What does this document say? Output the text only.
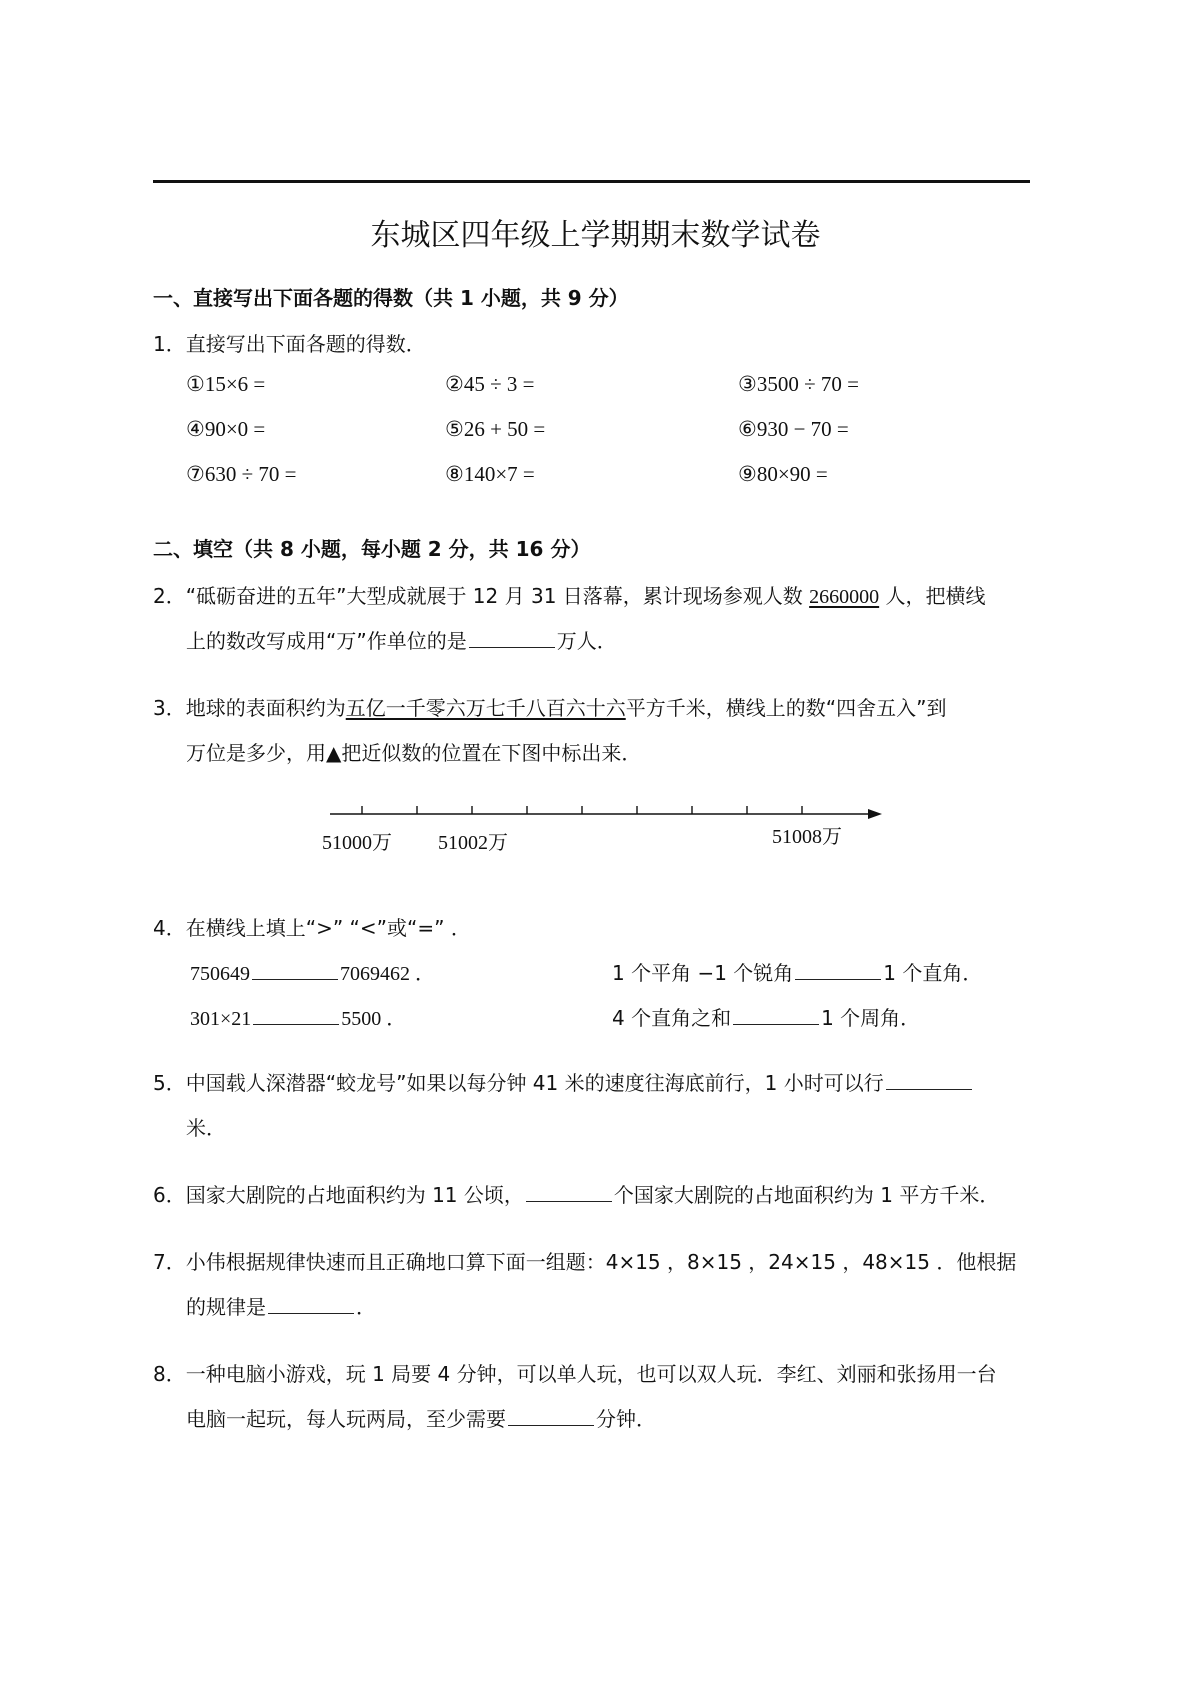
东城区四年级上学期期末数学试卷
一、直接写出下面各题的得数（共 1 小题，共 9 分）
1．直接写出下面各题的得数．
①15×6 =	②45 ÷ 3 =	③3500 ÷ 70 =
④90×0 =	⑤26 + 50 =	⑥930 − 70 =
⑦630 ÷ 70 =	⑧140×7 =	⑨80×90 =
二、填空（共 8 小题，每小题 2 分，共 16 分）
2．“砥砺奋进的五年”大型成就展于 12 月 31 日落幕，累计现场参观人数 2660000 人，把横线
上的数改写成用“万”作单位的是	万人．
3．地球的表面积约为五亿一千零六万七千八百六十六平方千米，横线上的数“四舍五入”到
万位是多少，用▲把近似数的位置在下图中标出来．
51000万 51002万	51008万
4．在横线上填上“>” “<”或“=” ．
750649	7069462 ．	1 个平角 −1 个锐角	1 个直角．
301×21	5500 ．	4 个直角之和	1 个周角．
5．中国载人深潜器“蛟龙号”如果以每分钟 41 米的速度往海底前行，1 小时可以行
米．
6．国家大剧院的占地面积约为 11 公顷，	个国家大剧院的占地面积约为 1 平方千米．
7．小伟根据规律快速而且正确地口算下面一组题：4×15 ，8×15 ，24×15 ，48×15 ．他根据
的规律是	．
8．一种电脑小游戏，玩 1 局要 4 分钟，可以单人玩，也可以双人玩．李红、刘丽和张扬用一台
电脑一起玩，每人玩两局，至少需要	分钟．
